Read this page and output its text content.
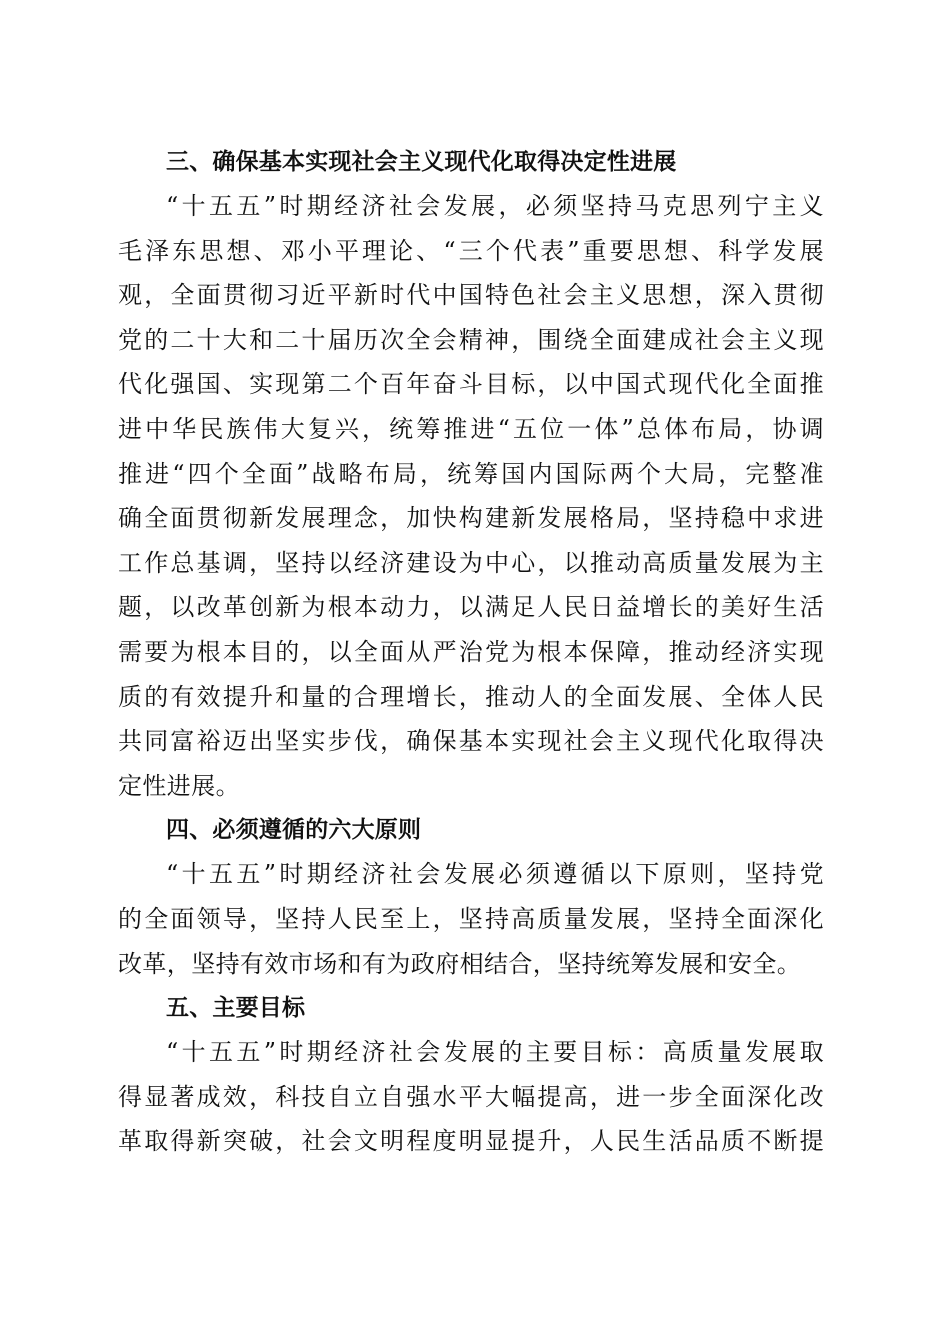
三、确保基本实现社会主义现代化取得决定性进展
“十五五”时期经济社会发展，必须坚持马克思列宁主义
毛泽东思想、邓小平理论、“三个代表”重要思想、科学发展
观，全面贯彻习近平新时代中国特色社会主义思想，深入贯彻
党的二十大和二十届历次全会精神，围绕全面建成社会主义现
代化强国、实现第二个百年奋斗目标，以中国式现代化全面推
进中华民族伟大复兴，统筹推进“五位一体”总体布局，协调
推进“四个全面”战略布局，统筹国内国际两个大局，完整准
确全面贯彻新发展理念，加快构建新发展格局，坚持稳中求进
工作总基调，坚持以经济建设为中心，以推动高质量发展为主
题，以改革创新为根本动力，以满足人民日益增长的美好生活
需要为根本目的，以全面从严治党为根本保障，推动经济实现
质的有效提升和量的合理增长，推动人的全面发展、全体人民
共同富裕迈出坚实步伐，确保基本实现社会主义现代化取得决
定性进展。
四、必须遵循的六大原则
“十五五”时期经济社会发展必须遵循以下原则，坚持党
的全面领导，坚持人民至上，坚持高质量发展，坚持全面深化
改革，坚持有效市场和有为政府相结合，坚持统筹发展和安全。
五、主要目标
“十五五”时期经济社会发展的主要目标：高质量发展取
得显著成效，科技自立自强水平大幅提高，进一步全面深化改
革取得新突破，社会文明程度明显提升，人民生活品质不断提
